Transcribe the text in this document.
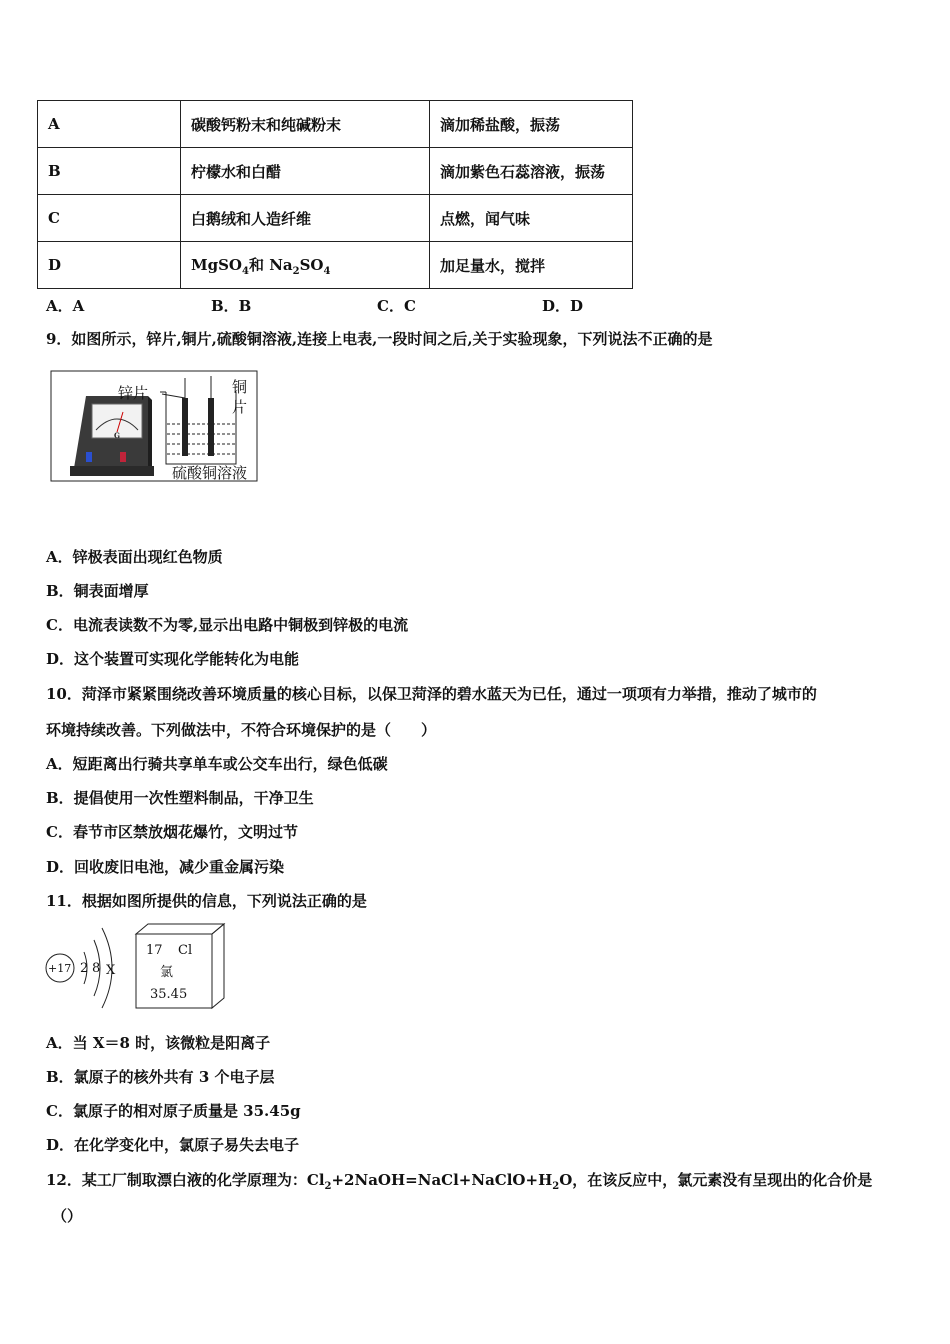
A	碳酸钙粉末和纯碱粉末	滴加稀盐酸，振荡
B	柠檬水和白醋	滴加紫色石蕊溶液，振荡
C	白鹅绒和人造纤维	点燃，闻气味
D	MgSO$_4$和 $Na_2SO_4$	加足量水，搅拌
A．A	B．B	C．C	D．D
9．如图所示，锌片,铜片,硫酸铜溶液,连接上电表,一段时间之后,关于实验现象，下列说法不正确的是
G
锌片	铜
片
硫酸铜溶液
A．锌极表面出现红色物质
B．铜表面增厚
C．电流表读数不为零,显示出电路中铜极到锌极的电流
D．这个装置可实现化学能转化为电能
10．菏泽市紧紧围绕改善环境质量的核心目标，以保卫菏泽的碧水蓝天为已任，通过一项项有力举措，推动了城市的
环境持续改善。下列做法中，不符合环境保护的是（　　）
A．短距离出行骑共享单车或公交车出行，绿色低碳
B．提倡使用一次性塑料制品，干净卫生
C．春节市区禁放烟花爆竹，文明过节
D．回收废旧电池，减少重金属污染
11．根据如图所提供的信息，下列说法正确的是
+17 2 8 X
17 Cl
氯
35.45
A．当 X＝8 时，该微粒是阳离子
B．氯原子的核外共有 3 个电子层
C．氯原子的相对原子质量是 35.45g
D．在化学变化中，氯原子易失去电子
12．某工厂制取漂白液的化学原理为：$Cl_2+2NaOH=NaCl+NaClO+H_2O$，在该反应中，氯元素没有呈现出的化合价是
（）
